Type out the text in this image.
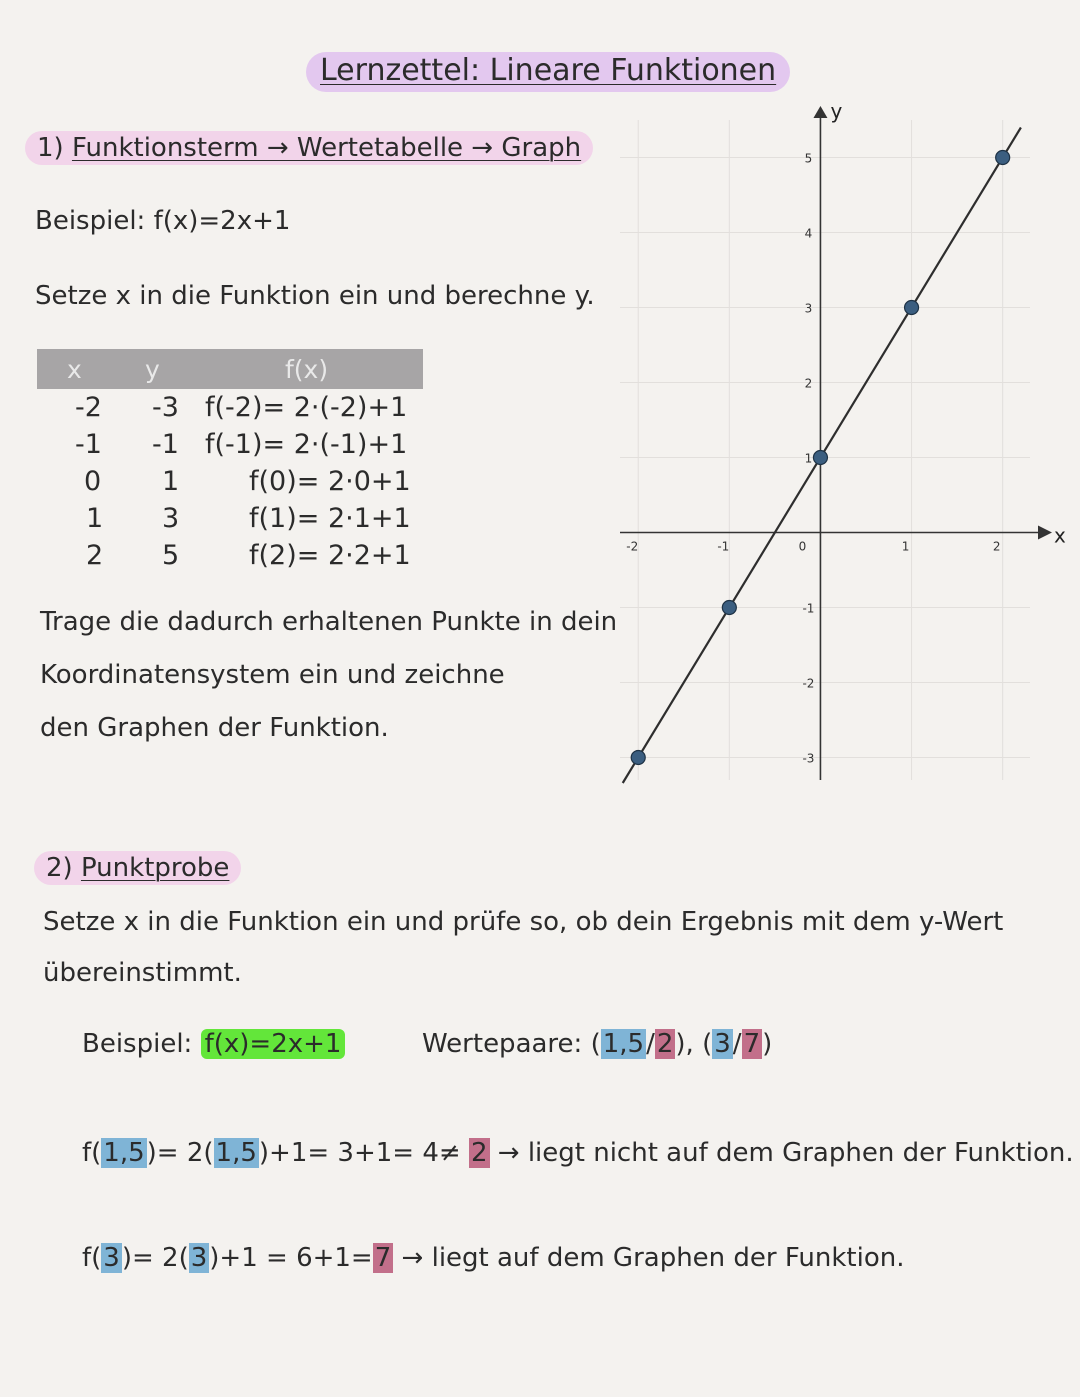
Lernzettel: Lineare Funktionen
1) Funktionsterm → Wertetabelle → Graph
Beispiel: f(x)=2x+1
Setze x in die Funktion ein und berechne y.
x	y	f(x)
-2 -3 f(-2)= 2·(-2)+1
-1 -1 f(-1)= 2·(-1)+1
0 1	f(0)= 2·0+1
1 3	f(1)= 2·1+1
2 5	f(2)= 2·2+1
Trage die dadurch erhaltenen Punkte in dein
Koordinatensystem ein und zeichne
den Graphen der Funktion.
x
y
-2	-1	0	1	2
5
4
3
2
1
-1
-2
-3
2) Punktprobe
Setze x in die Funktion ein und prüfe so, ob dein Ergebnis mit dem y-Wert
übereinstimmt.
Beispiel: f(x)=2x+1	Wertepaare: (1,5/2), (3/7)
f(1,5)= 2(1,5)+1= 3+1= 4≠ 2 → liegt nicht auf dem Graphen der Funktion.
f(3)= 2(3)+1 = 6+1=7 → liegt auf dem Graphen der Funktion.
